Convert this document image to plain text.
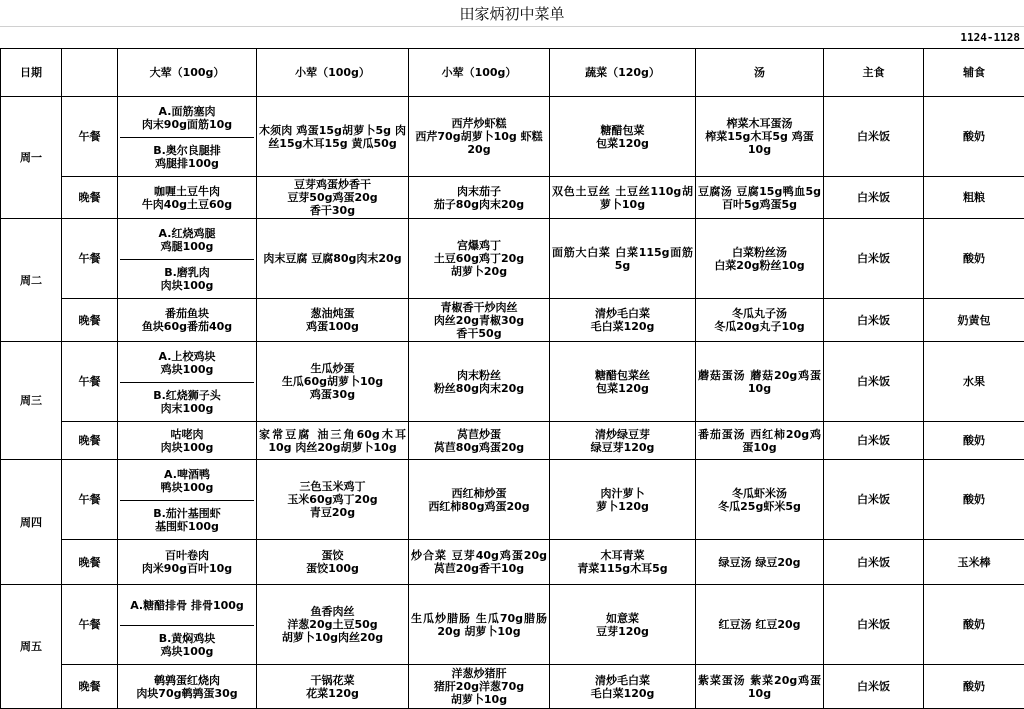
田家炳初中菜单
1124-1128
日期		大荤（100g）	小荤（100g）	小荤（100g）	蔬菜（120g）	汤	主食	辅食
周一	午餐	A.面筋塞肉
肉末90g面筋10g
B.奥尔良腿排
鸡腿排100g	木须肉 鸡蛋15g胡萝卜5g 肉丝15g木耳15g 黄瓜50g	西芹炒虾糕
西芹70g胡萝卜10g 虾糕20g	糖醋包菜
包菜120g	榨菜木耳蛋汤
榨菜15g木耳5g 鸡蛋10g	白米饭	酸奶
	晚餐	咖喱土豆牛肉
牛肉40g土豆60g	豆芽鸡蛋炒香干
豆芽50g鸡蛋20g
香干30g	肉末茄子
茄子80g肉末20g	双色土豆丝 土豆丝110g胡萝卜10g	豆腐汤 豆腐15g鸭血5g 百叶5g鸡蛋5g	白米饭	粗粮
周二	午餐	A.红烧鸡腿
鸡腿100g
B.磨乳肉
肉块100g	肉末豆腐 豆腐80g肉末20g	宫爆鸡丁
土豆60g鸡丁20g
胡萝卜20g	面筋大白菜 白菜115g面筋5g	白菜粉丝汤
白菜20g粉丝10g	白米饭	酸奶
	晚餐	番茄鱼块
鱼块60g番茄40g	葱油炖蛋
鸡蛋100g	青椒香干炒肉丝
肉丝20g青椒30g
香干50g	清炒毛白菜
毛白菜120g	冬瓜丸子汤
冬瓜20g丸子10g	白米饭	奶黄包
周三	午餐	A.上校鸡块
鸡块100g
B.红烧狮子头
肉末100g	生瓜炒蛋
生瓜60g胡萝卜10g
鸡蛋30g	肉末粉丝
粉丝80g肉末20g	糖醋包菜丝
包菜120g	蘑菇蛋汤 蘑菇20g鸡蛋10g	白米饭	水果
	晚餐	咕咾肉
肉块100g	家常豆腐 油三角60g木耳10g 肉丝20g胡萝卜10g	莴苣炒蛋
莴苣80g鸡蛋20g	清炒绿豆芽
绿豆芽120g	番茄蛋汤 西红柿20g鸡蛋10g	白米饭	酸奶
周四	午餐	A.啤酒鸭
鸭块100g
B.茄汁基围虾
基围虾100g	三色玉米鸡丁
玉米60g鸡丁20g
青豆20g	西红柿炒蛋
西红柿80g鸡蛋20g	肉汁萝卜
萝卜120g	冬瓜虾米汤
冬瓜25g虾米5g	白米饭	酸奶
	晚餐	百叶卷肉
肉米90g百叶10g	蛋饺
蛋饺100g	炒合菜 豆芽40g鸡蛋20g 莴苣20g香干10g	木耳青菜
青菜115g木耳5g	绿豆汤 绿豆20g	白米饭	玉米棒
周五	午餐	A.糖醋排骨 排骨100g
B.黄焖鸡块
鸡块100g	鱼香肉丝
洋葱20g土豆50g
胡萝卜10g肉丝20g	生瓜炒腊肠 生瓜70g腊肠20g 胡萝卜10g	如意菜
豆芽120g	红豆汤 红豆20g	白米饭	酸奶
	晚餐	鹌鹑蛋红烧肉
肉块70g鹌鹑蛋30g	干锅花菜
花菜120g	洋葱炒猪肝
猪肝20g洋葱70g
胡萝卜10g	清炒毛白菜
毛白菜120g	紫菜蛋汤 紫菜20g鸡蛋10g	白米饭	酸奶
